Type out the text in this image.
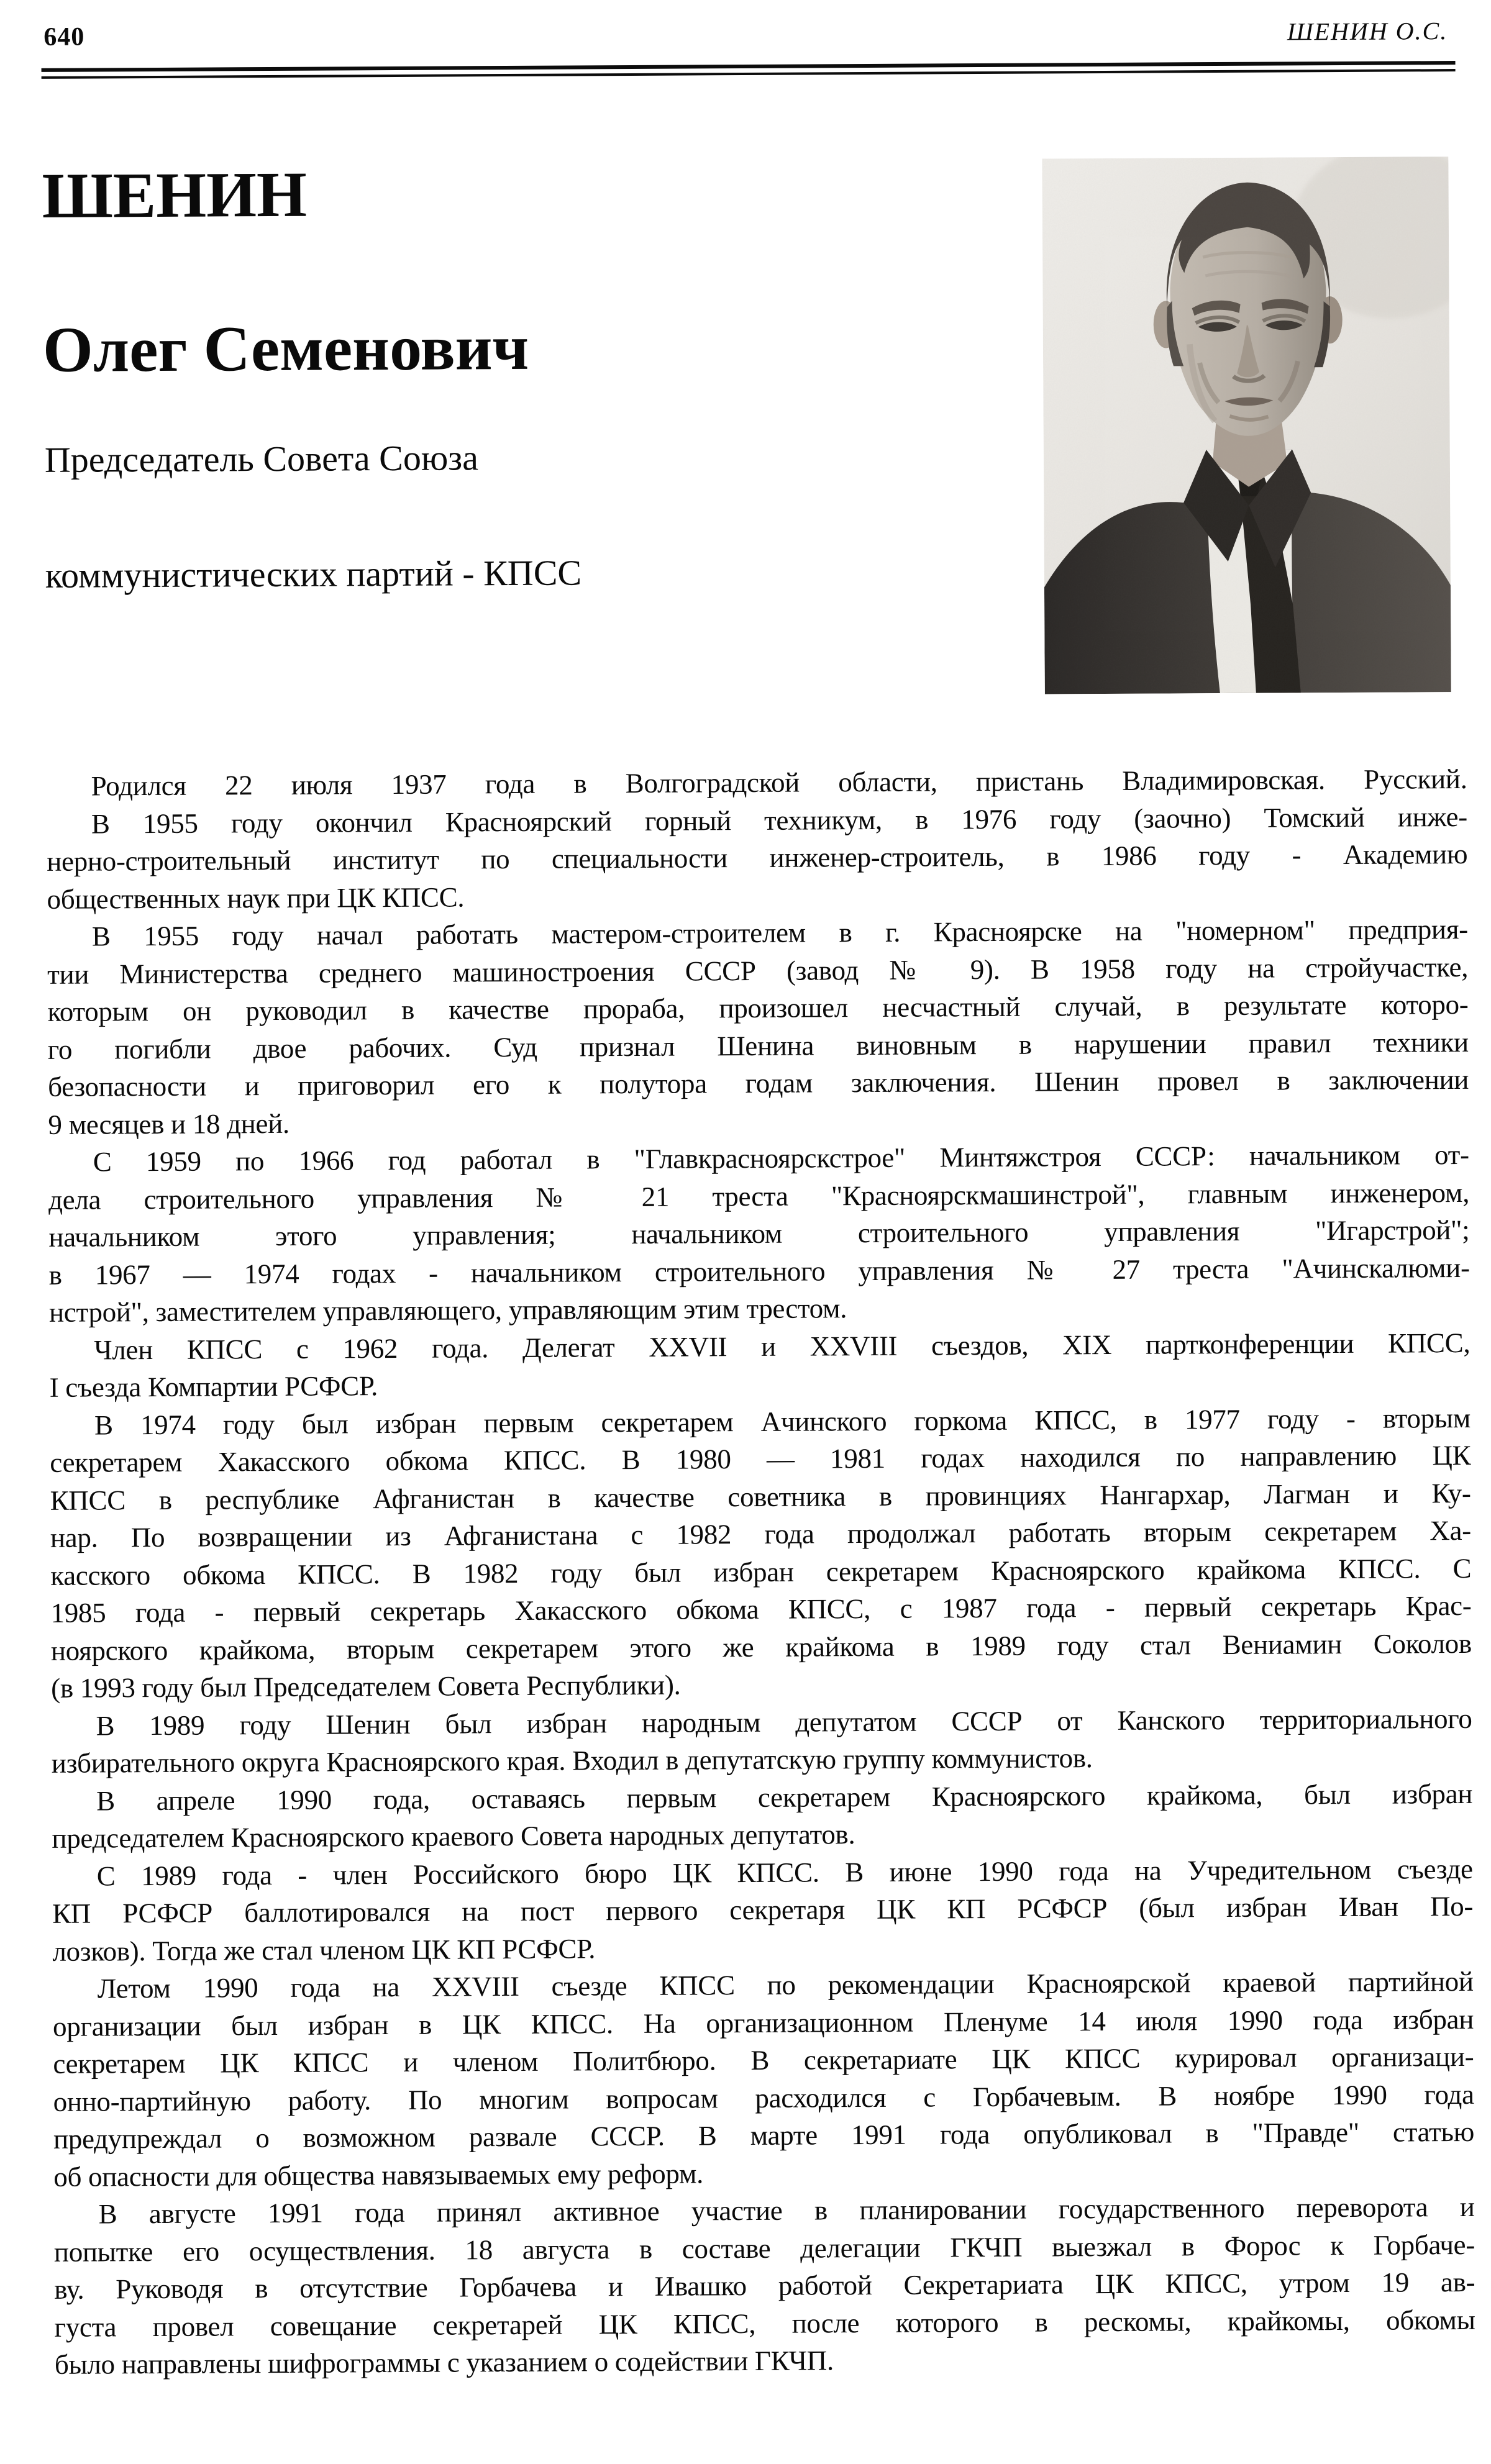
640	ШЕНИН О.С.
ШЕНИН

Олег Семенович
Председатель Совета Союза

коммунистических партий - КПСС

Родился 22 июля 1937 года в Волгоградской области, пристань Владимировская. Русский.

В 1955 году окончил Красноярский горный техникум, в 1976 году (заочно) Томский инже-
нерно-строительный институт по специальности инженер-строитель, в 1986 году - Академию
общественных наук при ЦК КПСС.

В 1955 году начал работать мастером-строителем в г. Красноярске на "номерном" предприя-
тии Министерства среднего машиностроения СССР (завод № 9). В 1958 году на стройучастке,
которым он руководил в качестве прораба, произошел несчастный случай, в результате которо-
го погибли двое рабочих. Суд признал Шенина виновным в нарушении правил техники
безопасности и приговорил его к полутора годам заключения. Шенин провел в заключении
9 месяцев и 18 дней.

С 1959 по 1966 год работал в "Главкрасноярскстрое" Минтяжстроя СССР: начальником от-
дела строительного управления № 21 треста "Красноярскмашинстрой", главным инженером,
начальником этого управления; начальником строительного управления "Игарстрой";
в 1967 — 1974 годах - начальником строительного управления № 27 треста "Ачинскалюми-
нстрой", заместителем управляющего, управляющим этим трестом.

Член КПСС с 1962 года. Делегат XXVII и XXVIII съездов, XIX партконференции КПСС,
I съезда Компартии РСФСР.

В 1974 году был избран первым секретарем Ачинского горкома КПСС, в 1977 году - вторым
секретарем Хакасского обкома КПСС. В 1980 — 1981 годах находился по направлению ЦК
КПСС в республике Афганистан в качестве советника в провинциях Нангархар, Лагман и Ку-
нар. По возвращении из Афганистана с 1982 года продолжал работать вторым секретарем Ха-
касского обкома КПСС. В 1982 году был избран секретарем Красноярского крайкома КПСС. С
1985 года - первый секретарь Хакасского обкома КПСС, с 1987 года - первый секретарь Крас-
ноярского крайкома, вторым секретарем этого же крайкома в 1989 году стал Вениамин Соколов
(в 1993 году был Председателем Совета Республики).

В 1989 году Шенин был избран народным депутатом СССР от Канского территориального
избирательного округа Красноярского края. Входил в депутатскую группу коммунистов.

В апреле 1990 года, оставаясь первым секретарем Красноярского крайкома, был избран
председателем Красноярского краевого Совета народных депутатов.

С 1989 года - член Российского бюро ЦК КПСС. В июне 1990 года на Учредительном съезде
КП РСФСР баллотировался на пост первого секретаря ЦК КП РСФСР (был избран Иван По-
лозков). Тогда же стал членом ЦК КП РСФСР.

Летом 1990 года на XXVIII съезде КПСС по рекомендации Красноярской краевой партийной
организации был избран в ЦК КПСС. На организационном Пленуме 14 июля 1990 года избран
секретарем ЦК КПСС и членом Политбюро. В секретариате ЦК КПСС курировал организаци-
онно-партийную работу. По многим вопросам расходился с Горбачевым. В ноябре 1990 года
предупреждал о возможном развале СССР. В марте 1991 года опубликовал в "Правде" статью
об опасности для общества навязываемых ему реформ.

В августе 1991 года принял активное участие в планировании государственного переворота и
попытке его осуществления. 18 августа в составе делегации ГКЧП выезжал в Форос к Горбаче-
ву. Руководя в отсутствие Горбачева и Ивашко работой Секретариата ЦК КПСС, утром 19 ав-
густа провел совещание секретарей ЦК КПСС, после которого в рескомы, крайкомы, обкомы
было направлены шифрограммы с указанием о содействии ГКЧП.
